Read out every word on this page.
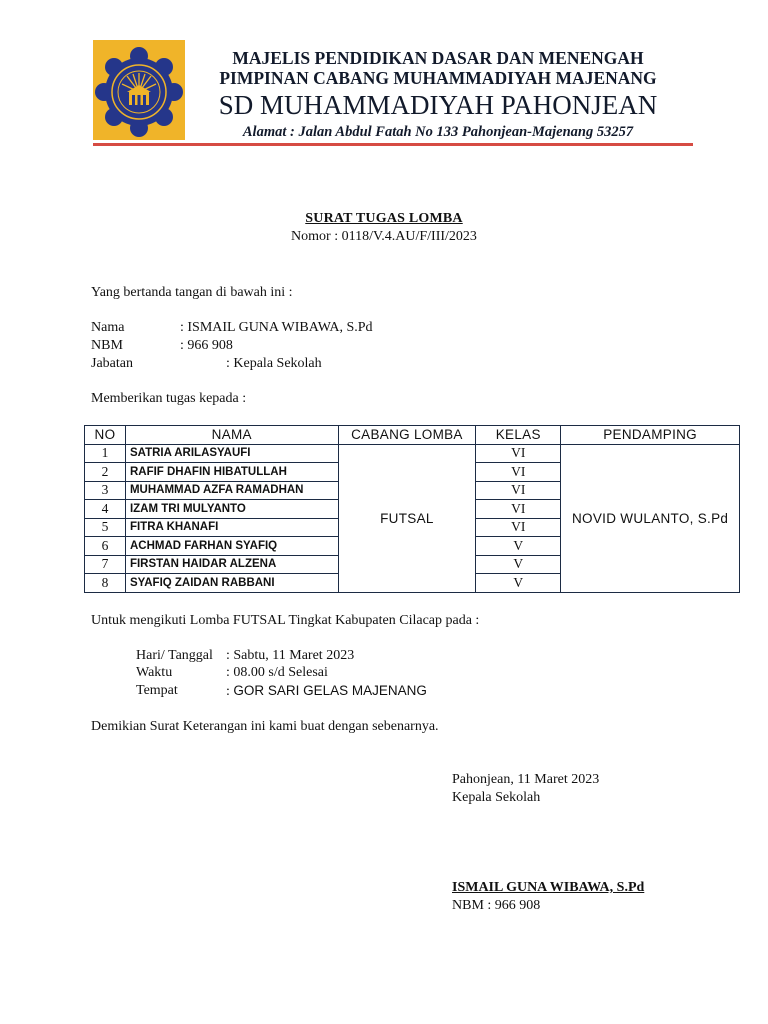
MAJELIS PENDIDIKAN DASAR DAN MENENGAH
PIMPINAN CABANG MUHAMMADIYAH MAJENANG
SD MUHAMMADIYAH PAHONJEAN
Alamat : Jalan Abdul Fatah No 133 Pahonjean-Majenang 53257
SURAT TUGAS LOMBA
Nomor : 0118/V.4.AU/F/III/2023
Yang bertanda tangan di bawah ini :
Nama	: ISMAIL GUNA WIBAWA, S.Pd
NBM	: 966 908
Jabatan	: Kepala Sekolah
Memberikan tugas kepada :
NO	NAMA	CABANG LOMBA	KELAS	PENDAMPING
1	SATRIA ARILASYAUFI	FUTSAL	VI	NOVID WULANTO, S.Pd
2	RAFIF DHAFIN HIBATULLAH		VI	
3	MUHAMMAD AZFA RAMADHAN		VI	
4	IZAM TRI MULYANTO		VI	
5	FITRA KHANAFI		VI	
6	ACHMAD FARHAN SYAFIQ		V	
7	FIRSTAN HAIDAR ALZENA		V	
8	SYAFIQ ZAIDAN RABBANI		V	
Untuk mengikuti Lomba FUTSAL Tingkat Kabupaten Cilacap pada :
Hari/ Tanggal : Sabtu, 11 Maret 2023
Waktu	: 08.00 s/d Selesai
Tempat	: GOR SARI GELAS MAJENANG
Demikian Surat Keterangan ini kami buat dengan sebenarnya.
Pahonjean, 11 Maret 2023
Kepala Sekolah
ISMAIL GUNA WIBAWA, S.Pd
NBM : 966 908
